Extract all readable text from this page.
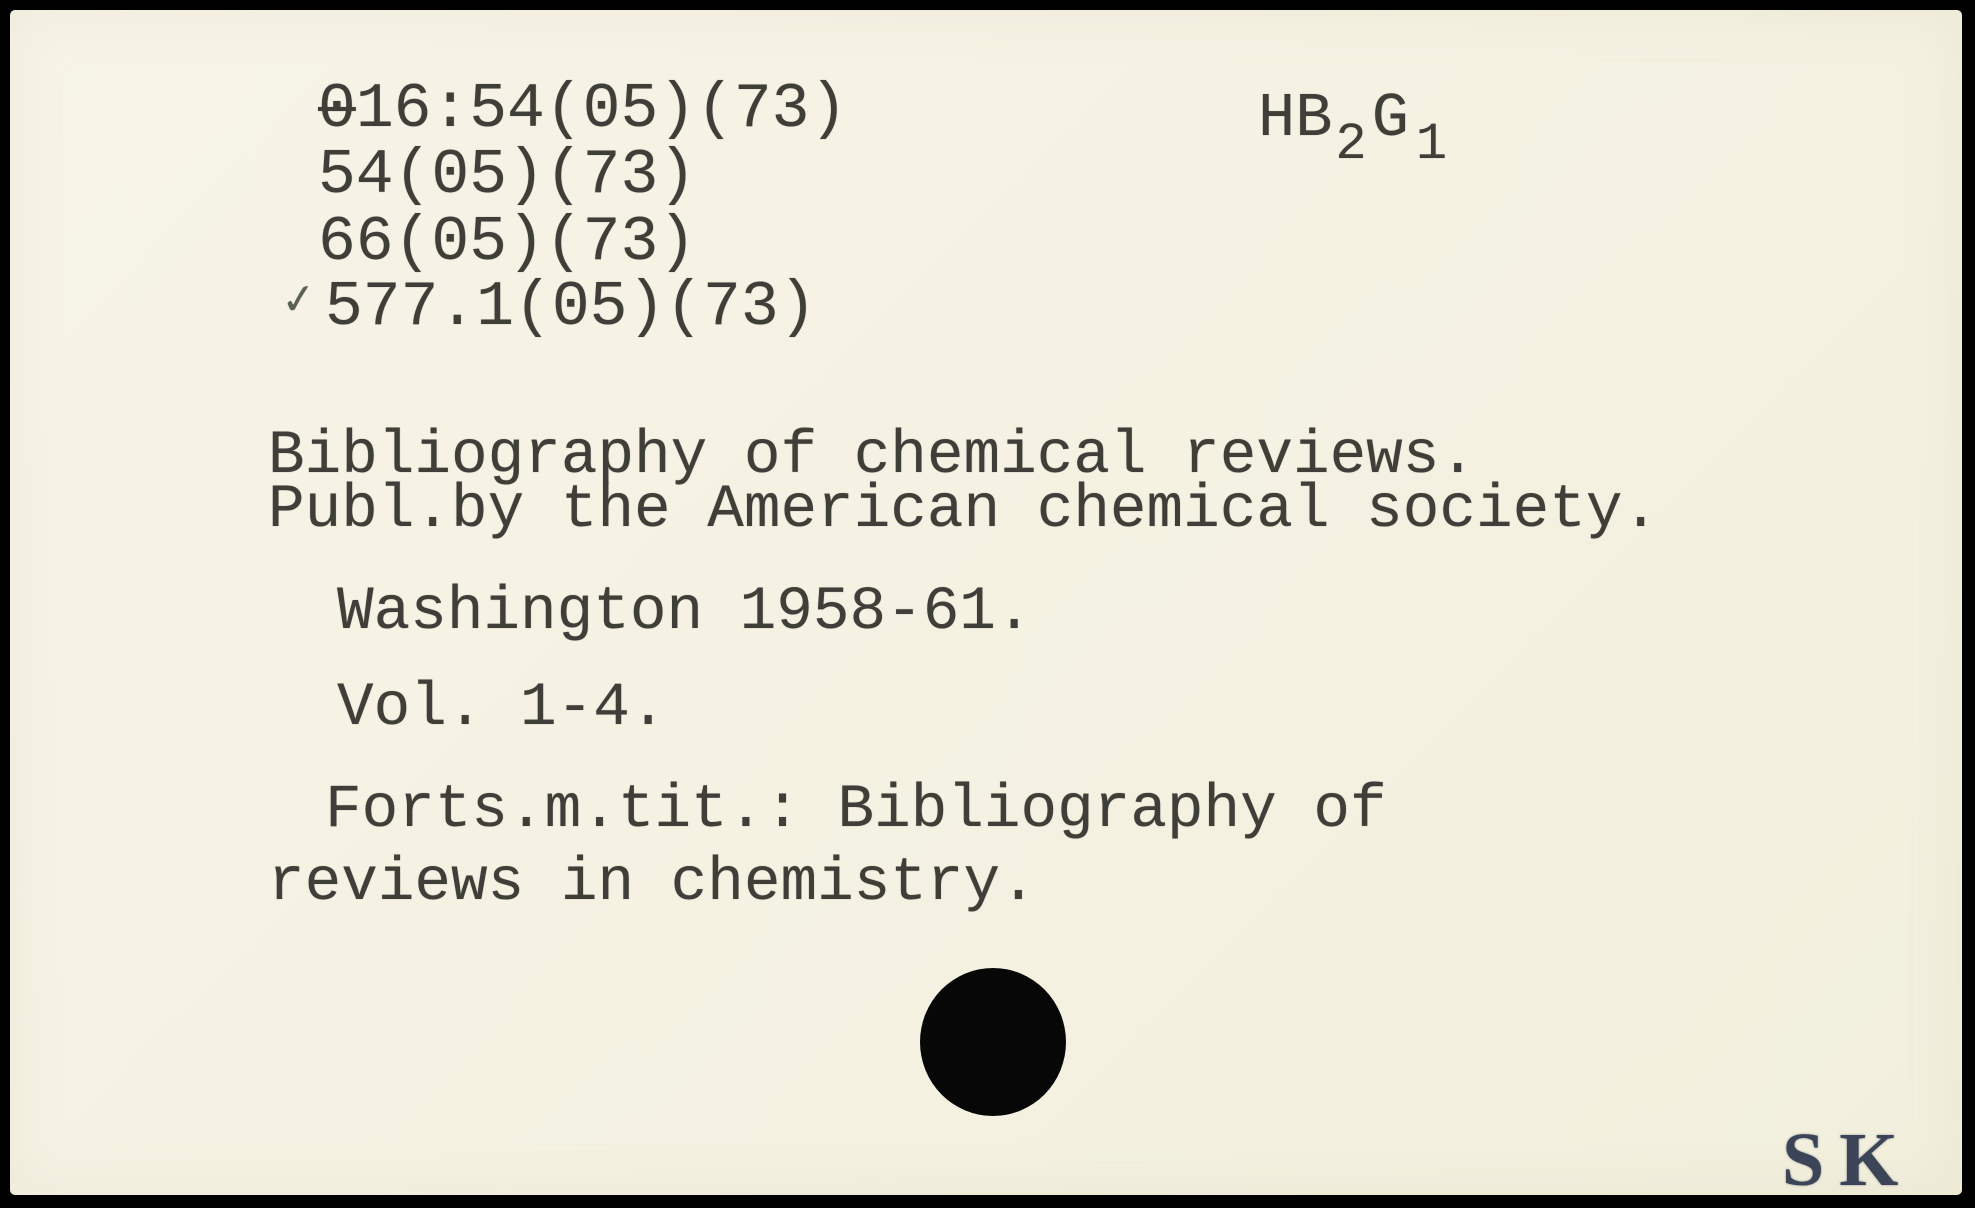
016:54(05)(73)
54(05)(73)
66(05)(73)
✓ 577.1(05)(73)
$HB_2G$ $_1$
Bibliography of chemical reviews.
Publ.by the American chemical society.
Washington 1958-61.
Vol. 1-4.
Forts.m.tit.: Bibliography of
reviews in chemistry.
SK
